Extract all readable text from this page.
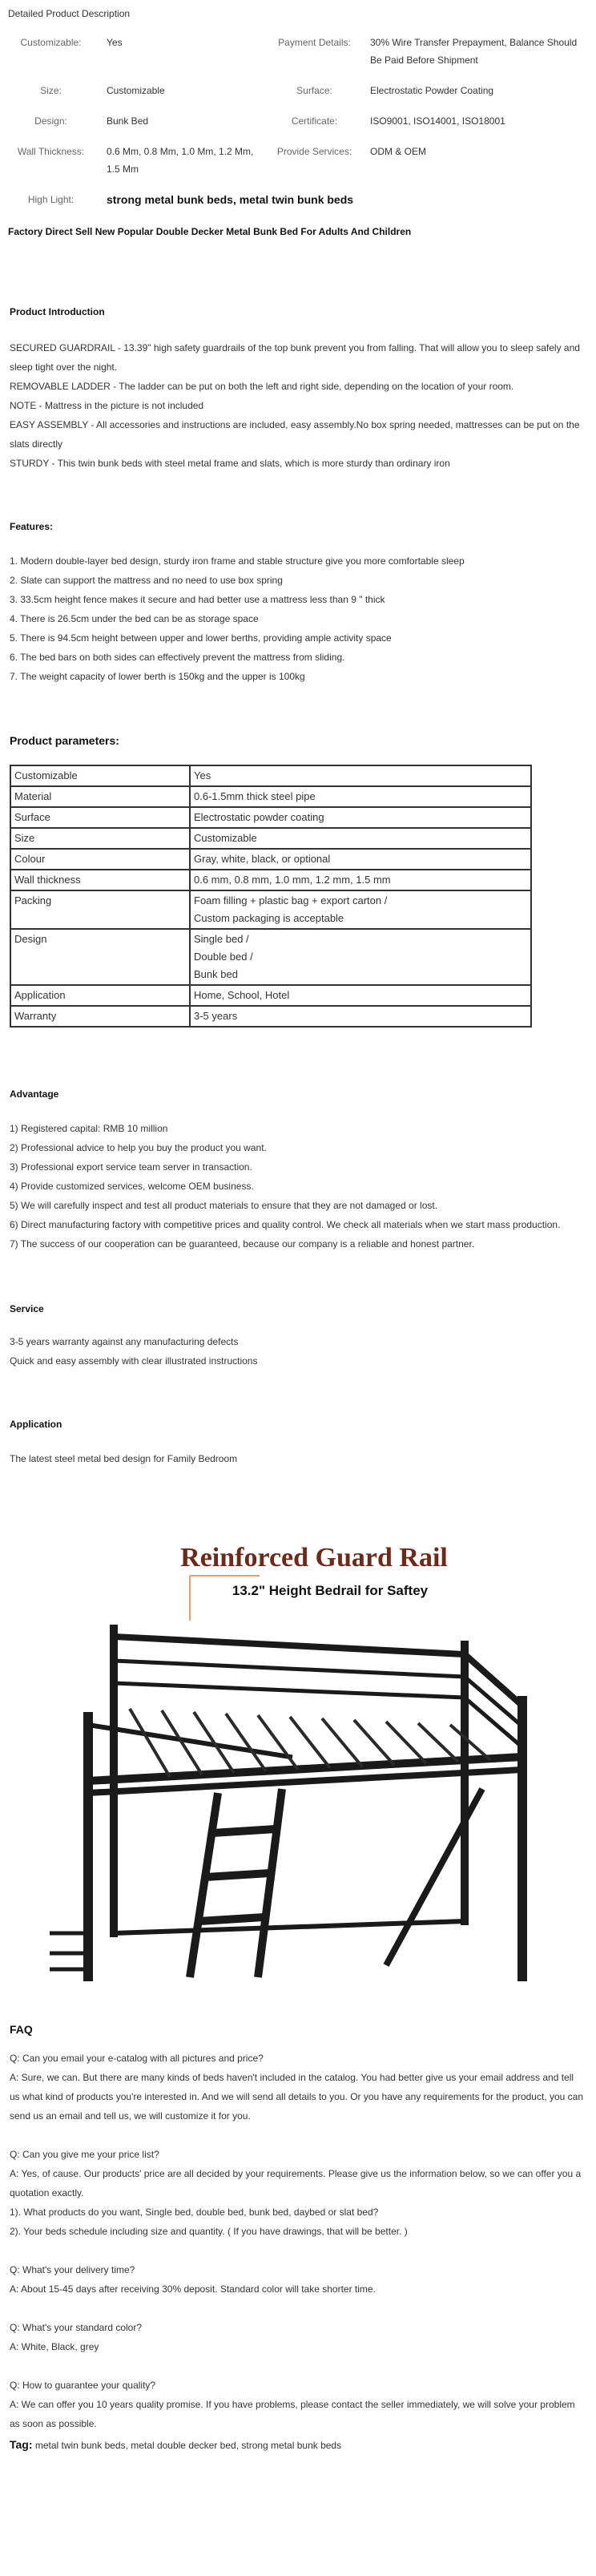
Detailed Product Description
Customizable:	Yes	Payment Details:	30% Wire Transfer Prepayment, Balance Should Be Paid Before Shipment
Size:	Customizable	Surface:	Electrostatic Powder Coating
Design:	Bunk Bed	Certificate:	ISO9001, ISO14001, ISO18001
Wall Thickness:	0.6 Mm, 0.8 Mm, 1.0 Mm, 1.2 Mm, 1.5 Mm	Provide Services:	ODM & OEM
High Light:	strong metal bunk beds, metal twin bunk beds
Factory Direct Sell New Popular Double Decker Metal Bunk Bed For Adults And Children

Product Introduction

SECURED GUARDRAIL - 13.39" high safety guardrails of the top bunk prevent you from falling. That will allow you to sleep safely and sleep tight over the night.

REMOVABLE LADDER - The ladder can be put on both the left and right side, depending on the location of your room.

NOTE - Mattress in the picture is not included

EASY ASSEMBLY - All accessories and instructions are included, easy assembly.No box spring needed, mattresses can be put on the slats directly

STURDY - This twin bunk beds with steel metal frame and slats, which is more sturdy than ordinary iron

Features:

1. Modern double-layer bed design, sturdy iron frame and stable structure give you more comfortable sleep

2. Slate can support the mattress and no need to use box spring

3. 33.5cm height fence makes it secure and had better use a mattress less than 9 " thick

4. There is 26.5cm under the bed can be as storage space

5. There is 94.5cm height between upper and lower berths, providing ample activity space

6. The bed bars on both sides can effectively prevent the mattress from sliding.

7. The weight capacity of lower berth is 150kg and the upper is 100kg

Product parameters:

Customizable	Yes

Material	0.6-1.5mm thick steel pipe

Surface	Electrostatic powder coating

Size	Customizable

Colour	Gray, white, black, or optional

Wall thickness	0.6 mm, 0.8 mm, 1.0 mm, 1.2 mm, 1.5 mm

Packing	Foam filling + plastic bag + export carton /
Custom packaging is acceptable

Design	Single bed /
Double bed /
Bunk bed

Application	Home, School, Hotel

Warranty	3-5 years

Advantage

1) Registered capital: RMB 10 million

2) Professional advice to help you buy the product you want.

3) Professional export service team server in transaction.

4) Provide customized services, welcome OEM business.

5) We will carefully inspect and test all product materials to ensure that they are not damaged or lost.

6) Direct manufacturing factory with competitive prices and quality control. We check all materials when we start mass production.

7) The success of our cooperation can be guaranteed, because our company is a reliable and honest partner.

Service

3-5 years warranty against any manufacturing defects

Quick and easy assembly with clear illustrated instructions

Application

The latest steel metal bed design for Family Bedroom

Reinforced Guard Rail
13.2" Height Bedrail for Saftey

FAQ

Q: Can you email your e-catalog with all pictures and price?

A: Sure, we can. But there are many kinds of beds haven't included in the catalog. You had better give us your email address and tell us what kind of products you're interested in. And we will send all details to you. Or you have any requirements for the product, you can send us an email and tell us, we will customize it for you.

Q: Can you give me your price list?

A: Yes, of cause. Our products' price are all decided by your requirements. Please give us the information below, so we can offer you a quotation exactly.

1). What products do you want, Single bed, double bed, bunk bed, daybed or slat bed?

2). Your beds schedule including size and quantity. ( If you have drawings, that will be better. )

Q: What's your delivery time?

A: About 15-45 days after receiving 30% deposit. Standard color will take shorter time.

Q: What's your standard color?

A: White, Black, grey

Q: How to guarantee your quality?

A: We can offer you 10 years quality promise. If you have problems, please contact the seller immediately, we will solve your problem as soon as possible.

Tag: metal twin bunk beds, metal double decker bed, strong metal bunk beds
